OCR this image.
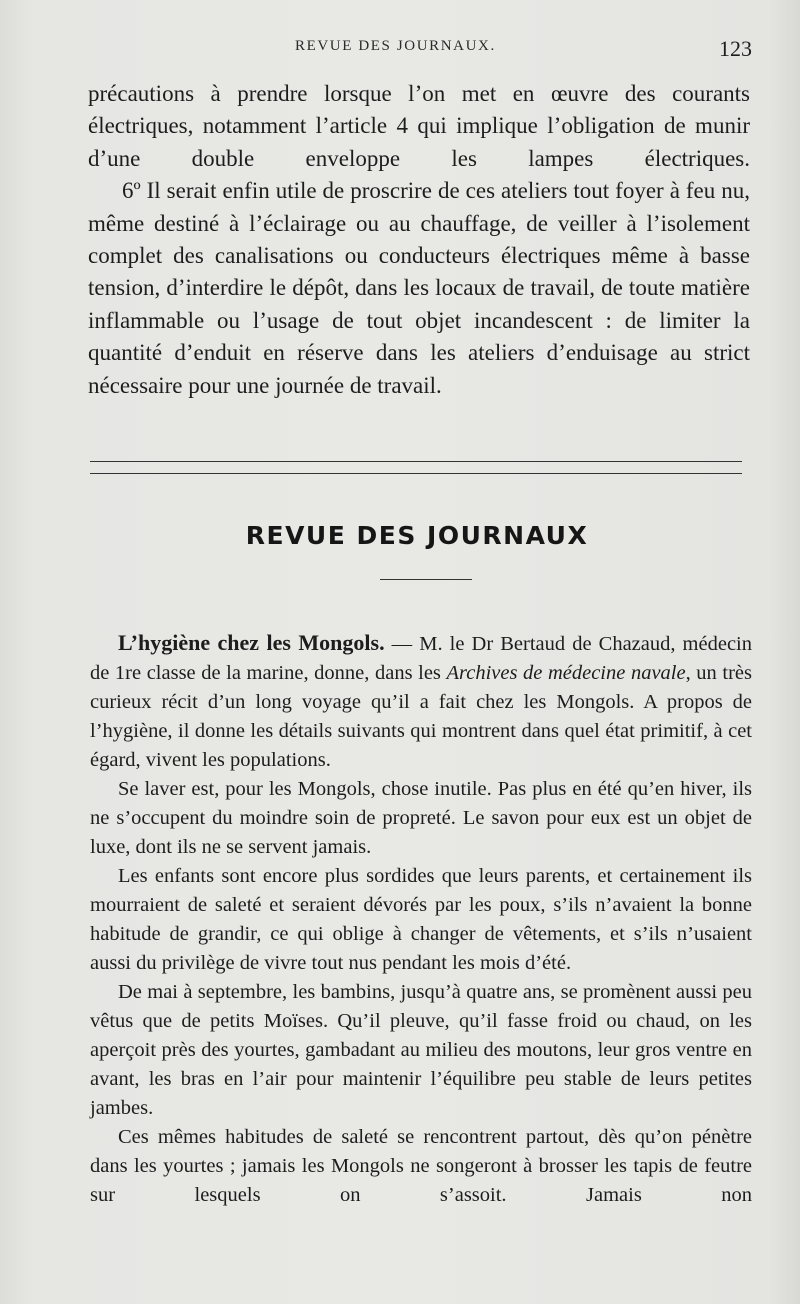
REVUE DES JOURNAUX.	123

précautions à prendre lorsque l’on met en œuvre des courants électriques, notamment l’article 4 qui implique l’obligation de munir d’une double enveloppe les lampes électriques.

6º Il serait enfin utile de proscrire de ces ateliers tout foyer à feu nu, même destiné à l’éclairage ou au chauffage, de veiller à l’isolement complet des canalisations ou conducteurs électriques même à basse tension, d’interdire le dépôt, dans les locaux de travail, de toute matière inflammable ou l’usage de tout objet incandescent : de limiter la quantité d’enduit en réserve dans les ateliers d’enduisage au strict nécessaire pour une journée de travail.

REVUE DES JOURNAUX

L’hygiène chez les Mongols. — M. le Dr Bertaud de Chazaud, médecin de 1re classe de la marine, donne, dans les Archives de médecine navale, un très curieux récit d’un long voyage qu’il a fait chez les Mongols. A propos de l’hygiène, il donne les détails suivants qui montrent dans quel état primitif, à cet égard, vivent les populations.

Se laver est, pour les Mongols, chose inutile. Pas plus en été qu’en hiver, ils ne s’occupent du moindre soin de propreté. Le savon pour eux est un objet de luxe, dont ils ne se servent jamais.

Les enfants sont encore plus sordides que leurs parents, et certainement ils mourraient de saleté et seraient dévorés par les poux, s’ils n’avaient la bonne habitude de grandir, ce qui oblige à changer de vêtements, et s’ils n’usaient aussi du privilège de vivre tout nus pendant les mois d’été.

De mai à septembre, les bambins, jusqu’à quatre ans, se promènent aussi peu vêtus que de petits Moïses. Qu’il pleuve, qu’il fasse froid ou chaud, on les aperçoit près des yourtes, gambadant au milieu des moutons, leur gros ventre en avant, les bras en l’air pour maintenir l’équilibre peu stable de leurs petites jambes.

Ces mêmes habitudes de saleté se rencontrent partout, dès qu’on pénètre dans les yourtes ; jamais les Mongols ne songeront à brosser les tapis de feutre sur lesquels on s’assoit. Jamais non
